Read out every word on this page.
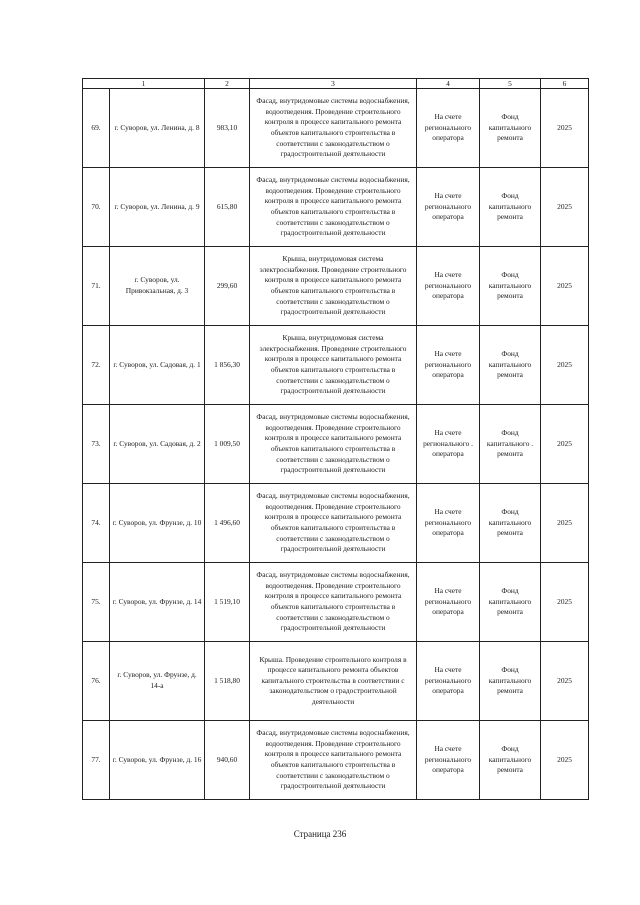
1		2	3	4	5	6
69.	г. Суворов, ул. Ленина, д. 8	983,10	Фасад, внутридомовые системы водоснабжения, водоотведения. Проведение строительного контроля в процессе капитального ремонта объектов капитального строительства в соответствии с законодательством о градостроительной деятельности	На счете регионального оператора	Фонд капитального ремонта	2025
70.	г. Суворов, ул. Ленина, д. 9	615,80	Фасад, внутридомовые системы водоснабжения, водоотведения. Проведение строительного контроля в процессе капитального ремонта объектов капитального строительства в соответствии с законодательством о градостроительной деятельности	На счете регионального оператора	Фонд капитального ремонта	2025
71.	г. Суворов, ул. Привокзальная, д. 3	299,60	Крыша, внутридомовая система электроснабжения. Проведение строительного контроля в процессе капитального ремонта объектов капитального строительства в соответствии с законодательством о градостроительной деятельности	На счете регионального оператора	Фонд капитального ремонта	2025
72.	г. Суворов, ул. Садовая, д. 1	1 856,30	Крыша, внутридомовая система электроснабжения. Проведение строительного контроля в процессе капитального ремонта объектов капитального строительства в соответствии с законодательством о градостроительной деятельности	На счете регионального оператора	Фонд капитального ремонта	2025
73.	г. Суворов, ул. Садовая, д. 2	1 009,50	Фасад, внутридомовые системы водоснабжения, водоотведения. Проведение строительного контроля в процессе капитального ремонта объектов капитального строительства в соответствии с законодательством о градостроительной деятельности	На счете регионального . оператора	Фонд капитального . ремонта	2025
74.	г. Суворов, ул. Фрунзе, д. 10	1 496,60	Фасад, внутридомовые системы водоснабжения, водоотведения. Проведение строительного контроля в процессе капитального ремонта объектов капитального строительства в соответствии с законодательством о градостроительной деятельности	На счете регионального оператора	Фонд капитального ремонта	2025
75.	г. Суворов, ул. Фрунзе, д. 14	1 519,10	Фасад, внутридомовые системы водоснабжения, водоотведения. Проведение строительного контроля в процессе капитального ремонта объектов капитального строительства в соответствии с законодательством о градостроительной деятельности	На счете регионального оператора	Фонд капитального ремонта	2025
76.	г. Суворов, ул. Фрунзе, д. 14-а	1 518,80	Крыша. Проведение строительного контроля в процессе капитального ремонта объектов капитального строительства в соответствии с законодательством о градостроительной деятельности	На счете регионального оператора	Фонд капитального ремонта	2025
77.	г. Суворов, ул. Фрунзе, д. 16	940,60	Фасад, внутридомовые системы водоснабжения, водоотведения. Проведение строительного контроля в процессе капитального ремонта объектов капитального строительства в соответствии с законодательством о градостроительной деятельности	На счете регионального оператора	Фонд капитального ремонта	2025
Страница 236
